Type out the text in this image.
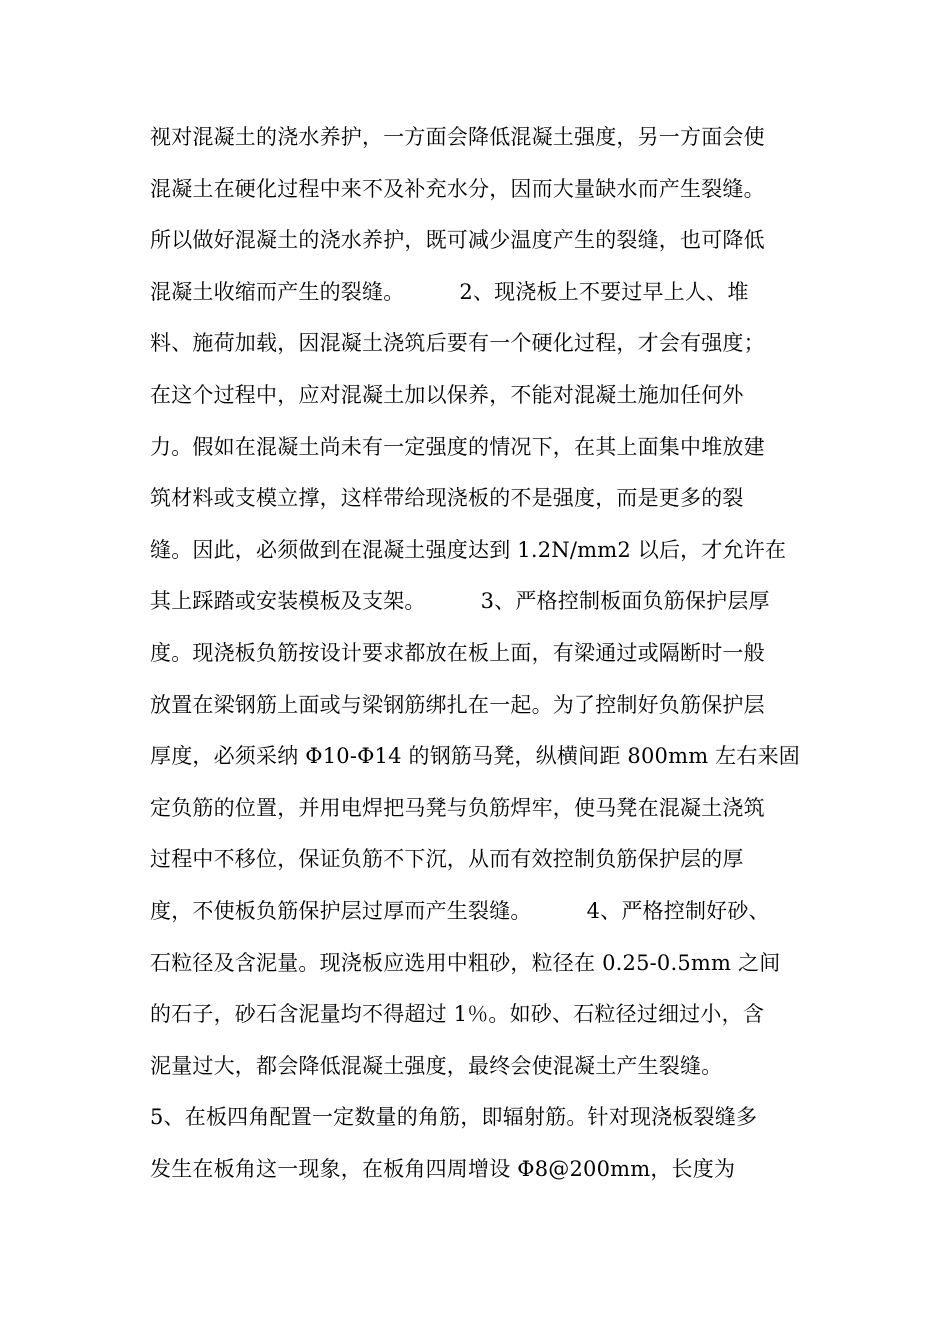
视对混凝土的浇水养护，一方面会降低混凝土强度，另一方面会使
混凝土在硬化过程中来不及补充水分，因而大量缺水而产生裂缝。
所以做好混凝土的浇水养护，既可减少温度产生的裂缝，也可降低
混凝土收缩而产生的裂缝。        2、现浇板上不要过早上人、堆
料、施荷加载，因混凝土浇筑后要有一个硬化过程，才会有强度；
在这个过程中，应对混凝土加以保养，不能对混凝土施加任何外
力。假如在混凝土尚未有一定强度的情况下，在其上面集中堆放建
筑材料或支模立撑，这样带给现浇板的不是强度，而是更多的裂
缝。因此，必须做到在混凝土强度达到 1.2N/mm2 以后，才允许在
其上踩踏或安装模板及支架。        3、严格控制板面负筋保护层厚
度。现浇板负筋按设计要求都放在板上面，有梁通过或隔断时一般
放置在梁钢筋上面或与梁钢筋绑扎在一起。为了控制好负筋保护层
厚度，必须采纳 Φ10-Φ14 的钢筋马凳，纵横间距 800mm 左右来固
定负筋的位置，并用电焊把马凳与负筋焊牢，使马凳在混凝土浇筑
过程中不移位，保证负筋不下沉，从而有效控制负筋保护层的厚
度，不使板负筋保护层过厚而产生裂缝。        4、严格控制好砂、
石粒径及含泥量。现浇板应选用中粗砂，粒径在 0.25-0.5mm 之间
的石子，砂石含泥量均不得超过 1％。如砂、石粒径过细过小，含
泥量过大，都会降低混凝土强度，最终会使混凝土产生裂缝。
5、在板四角配置一定数量的角筋，即辐射筋。针对现浇板裂缝多
发生在板角这一现象，在板角四周增设 Φ8@200mm，长度为
